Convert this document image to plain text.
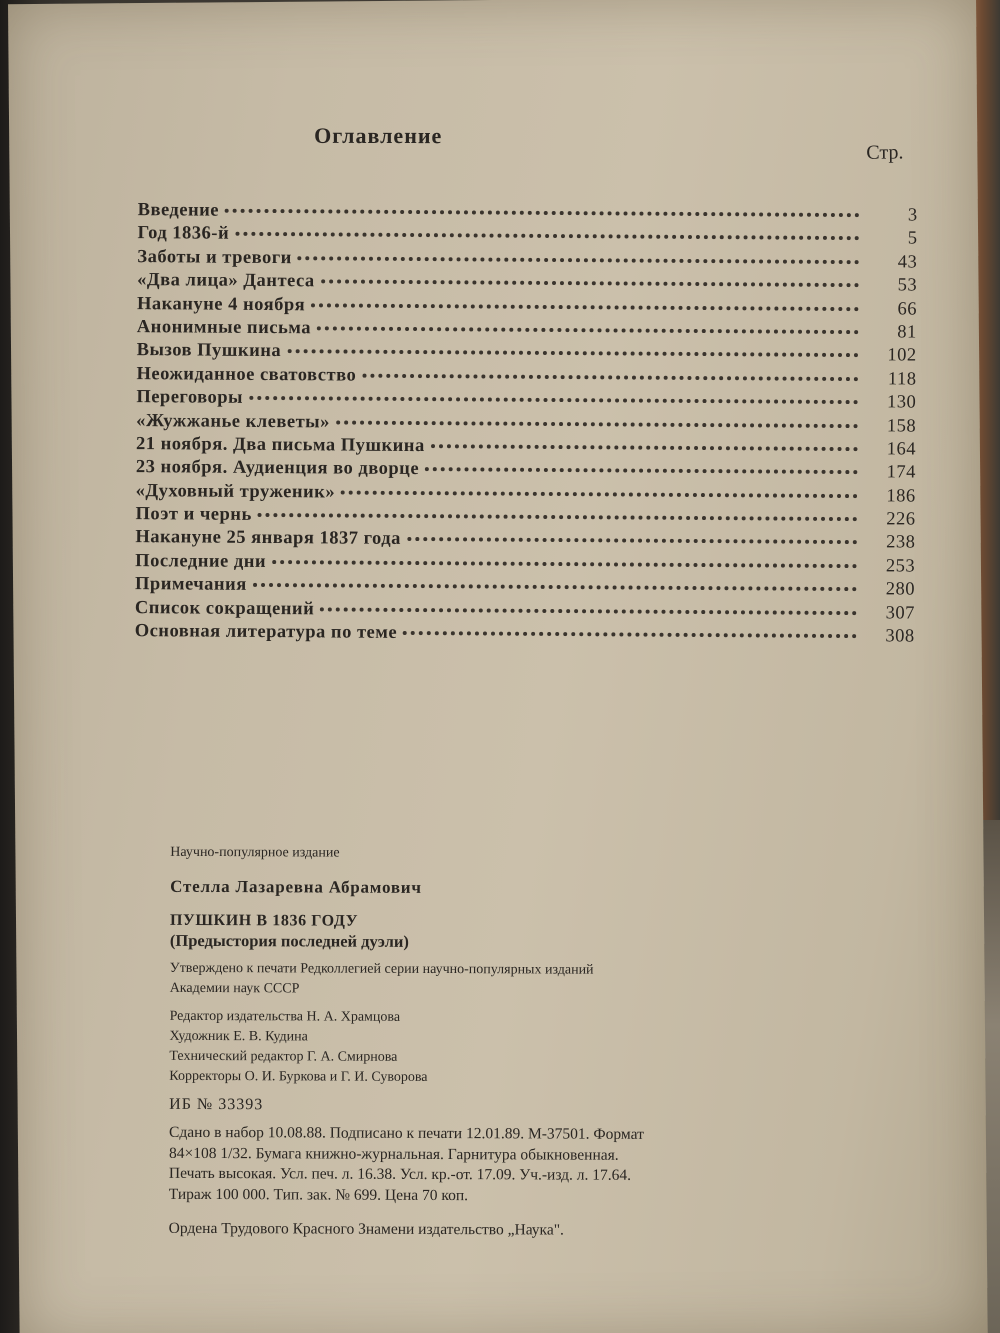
Оглавление
Стр.
Введение	3
Год 1836-й	5
Заботы и тревоги	43
«Два лица» Дантеса	53
Накануне 4 ноября	66
Анонимные письма	81
Вызов Пушкина	102
Неожиданное сватовство	118
Переговоры	130
«Жужжанье клеветы»	158
21 ноября. Два письма Пушкина	164
23 ноября. Аудиенция во дворце	174
«Духовный труженик»	186
Поэт и чернь	226
Накануне 25 января 1837 года	238
Последние дни	253
Примечания	280
Список сокращений	307
Основная литература по теме	308
Научно-популярное издание
Стелла Лазаревна Абрамович
ПУШКИН В 1836 ГОДУ
(Предыстория последней дуэли)
Утверждено к печати Редколлегией серии научно-популярных изданий
Академии наук СССР
Редактор издательства Н. А. Храмцова
Художник Е. В. Кудина
Технический редактор Г. А. Смирнова
Корректоры О. И. Буркова и Г. И. Суворова
ИБ № 33393
Сдано в набор 10.08.88. Подписано к печати 12.01.89. М-37501. Формат
84×108 1/32. Бумага книжно-журнальная. Гарнитура обыкновенная.
Печать высокая. Усл. печ. л. 16.38. Усл. кр.-от. 17.09. Уч.-изд. л. 17.64.
Тираж 100 000. Тип. зак. № 699. Цена 70 коп.
Ордена Трудового Красного Знамени издательство „Наука".
